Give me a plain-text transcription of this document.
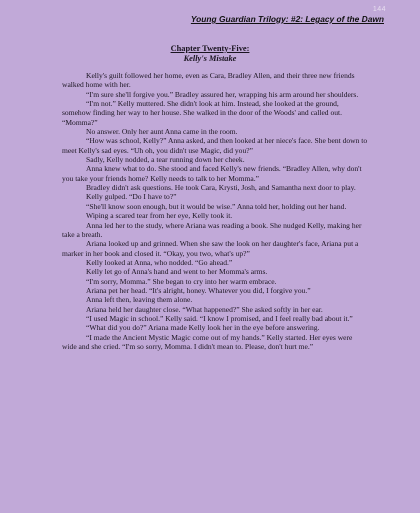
144
Young Guardian Trilogy: #2: Legacy of the Dawn
Chapter Twenty-Five:
Kelly's Mistake

Kelly's guilt followed her home, even as Cara, Bradley Allen, and their three new friends walked home with her.

“I'm sure she'll forgive you.” Bradley assured her, wrapping his arm around her shoulders.

“I'm not.” Kelly muttered. She didn't look at him. Instead, she looked at the ground, somehow finding her way to her house. She walked in the door of the Woods' and called out. “Momma?”

No answer. Only her aunt Anna came in the room.

“How was school, Kelly?” Anna asked, and then looked at her niece's face. She bent down to meet Kelly's sad eyes. “Uh oh, you didn't use Magic, did you?”

Sadly, Kelly nodded, a tear running down her cheek.

Anna knew what to do. She stood and faced Kelly's new friends. “Bradley Allen, why don't you take your friends home? Kelly needs to talk to her Momma.”

Bradley didn't ask questions. He took Cara, Krysti, Josh, and Samantha next door to play.

Kelly gulped. “Do I have to?”

“She'll know soon enough, but it would be wise.” Anna told her, holding out her hand.

Wiping a scared tear from her eye, Kelly took it.

Anna led her to the study, where Ariana was reading a book. She nudged Kelly, making her take a breath.

Ariana looked up and grinned. When she saw the look on her daughter's face, Ariana put a marker in her book and closed it. “Okay, you two, what's up?”

Kelly looked at Anna, who nodded. “Go ahead.”

Kelly let go of Anna's hand and went to her Momma's arms.

“I'm sorry, Momma.” She began to cry into her warm embrace.

Ariana pet her head. “It's alright, honey. Whatever you did, I forgive you.”

Anna left then, leaving them alone.

Ariana held her daughter close. “What happened?” She asked softly in her ear.

“I used Magic in school.” Kelly said. “I know I promised, and I feel really bad about it.”

“What did you do?” Ariana made Kelly look her in the eye before answering.

“I made the Ancient Mystic Magic come out of my hands.” Kelly started. Her eyes were wide and she cried. “I'm so sorry, Momma. I didn't mean to. Please, don't hurt me.”
